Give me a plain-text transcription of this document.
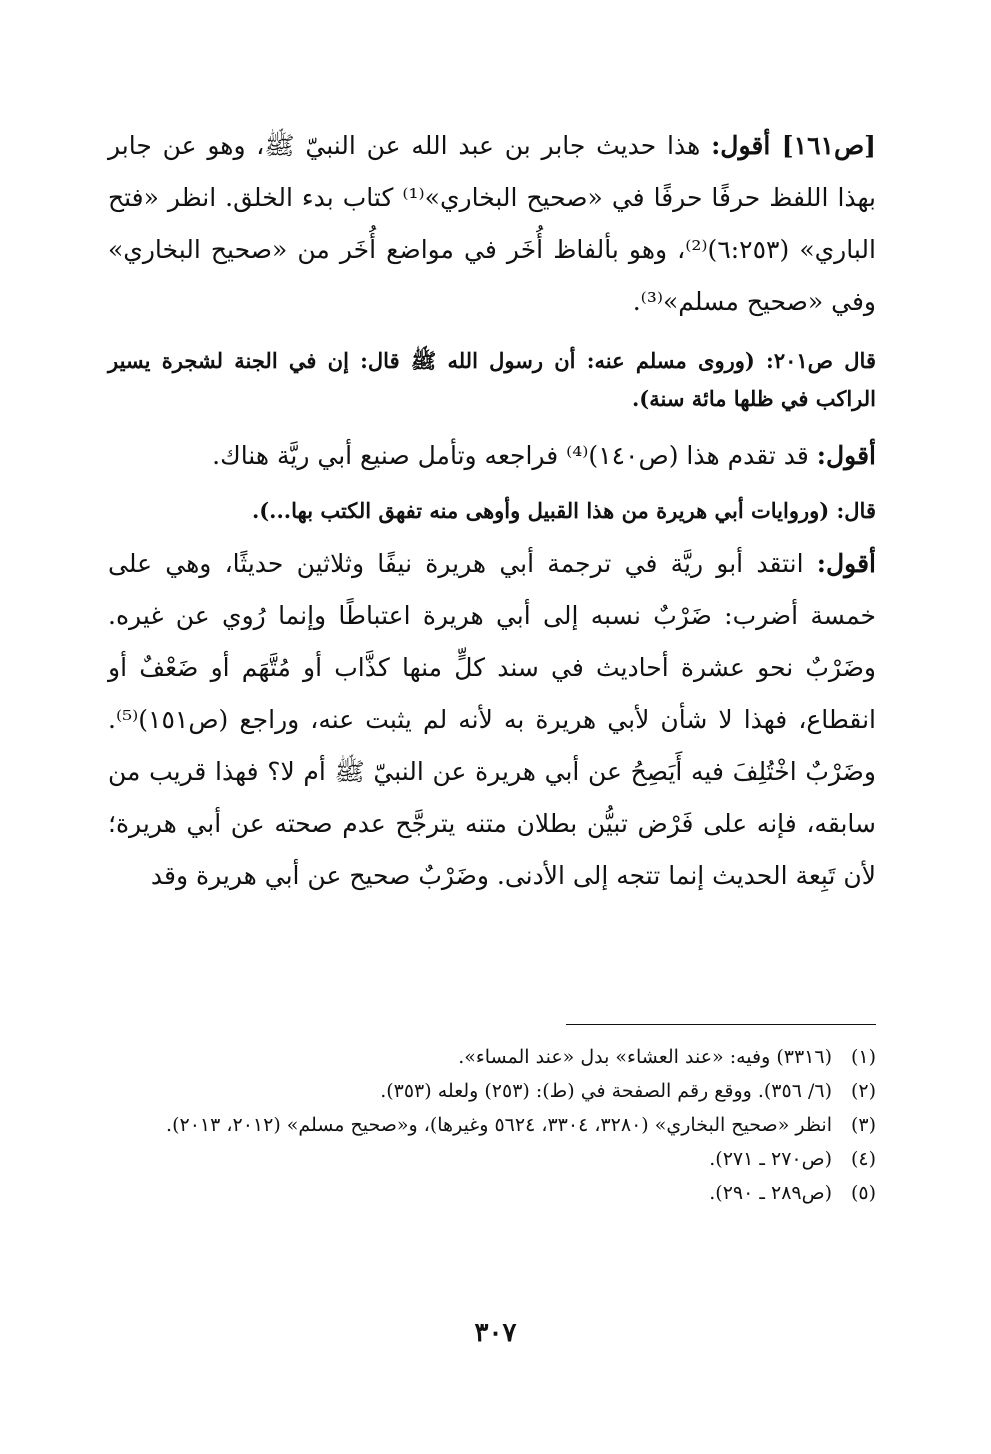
[ص١٦١] أقول: هذا حديث جابر بن عبد الله عن النبيّ ﷺ، وهو عن جابر بهذا اللفظ حرفًا حرفًا في «صحيح البخاري»⁽¹⁾ كتاب بدء الخلق. انظر «فتح الباري» (٦:٢٥٣)⁽²⁾، وهو بألفاظ أُخَر في مواضع أُخَر من «صحيح البخاري» وفي «صحيح مسلم»⁽³⁾.

قال ص٢٠١: (وروى مسلم عنه: أن رسول الله ﷺ قال: إن في الجنة لشجرة يسير الراكب في ظلها مائة سنة).

أقول: قد تقدم هذا (ص١٤٠)⁽⁴⁾ فراجعه وتأمل صنيع أبي ريَّة هناك.

قال: (وروايات أبي هريرة من هذا القبيل وأوهى منه تفهق الكتب بها...).

أقول: انتقد أبو ريَّة في ترجمة أبي هريرة نيفًا وثلاثين حديثًا، وهي على خمسة أضرب: ضَرْبٌ نسبه إلى أبي هريرة اعتباطًا وإنما رُوي عن غيره. وضَرْبٌ نحو عشرة أحاديث في سند كلٍّ منها كذَّاب أو مُتَّهَم أو ضَعْفٌ أو انقطاع، فهذا لا شأن لأبي هريرة به لأنه لم يثبت عنه، وراجع (ص١٥١)⁽⁵⁾. وضَرْبٌ اخْتُلِفَ فيه أَيَصِحُ عن أبي هريرة عن النبيّ ﷺ أم لا؟ فهذا قريب من سابقه، فإنه على فَرْض تبيُّن بطلان متنه يترجَّح عدم صحته عن أبي هريرة؛ لأن تَبِعة الحديث إنما تتجه إلى الأدنى. وضَرْبٌ صحيح عن أبي هريرة وقد

(١)
(٣٣١٦) وفيه: «عند العشاء» بدل «عند المساء».
(٢)
(٦/ ٣٥٦). ووقع رقم الصفحة في (ط): (٢٥٣) ولعله (٣٥٣).
(٣)
انظر «صحيح البخاري» (٣٢٨٠، ٣٣٠٤، ٥٦٢٤ وغيرها)، و«صحيح مسلم» (٢٠١٢، ٢٠١٣).
(٤)
(ص٢٧٠ ـ ٢٧١).
(٥)
(ص٢٨٩ ـ ٢٩٠).
٣٠٧
